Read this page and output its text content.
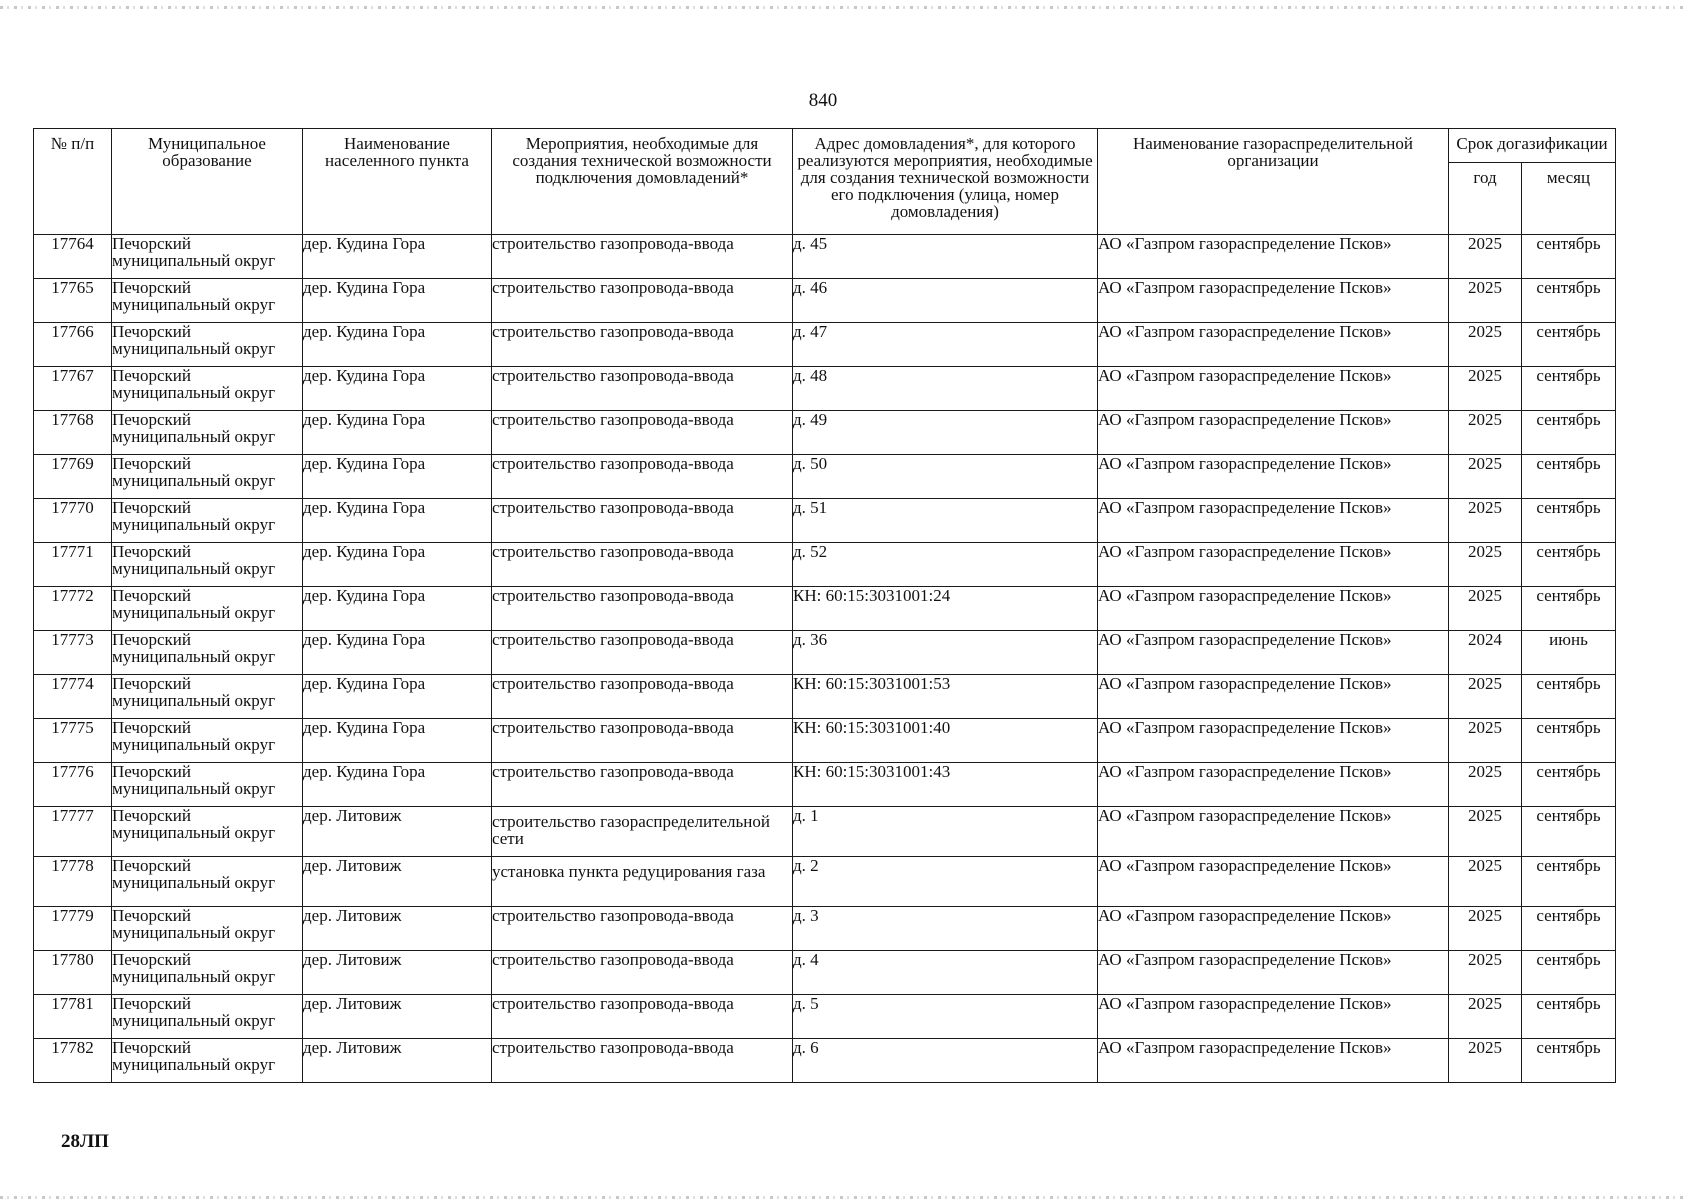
840
№ п/п	Муниципальное образование	Наименование населенного пункта	Мероприятия, необходимые для создания технической возможности подключения домовладений*	Адрес домовладения*, для которого реализуются мероприятия, необходимые для создания технической возможности его подключения (улица, номер домовладения)	Наименование газораспределительной организации	Срок догазификации	
						год	месяц
17764	Печорский муниципальный округ	дер. Кудина Гора	строительство газопровода-ввода	д. 45	АО «Газпром газораспределение Псков»	2025	сентябрь
17765	Печорский муниципальный округ	дер. Кудина Гора	строительство газопровода-ввода	д. 46	АО «Газпром газораспределение Псков»	2025	сентябрь
17766	Печорский муниципальный округ	дер. Кудина Гора	строительство газопровода-ввода	д. 47	АО «Газпром газораспределение Псков»	2025	сентябрь
17767	Печорский муниципальный округ	дер. Кудина Гора	строительство газопровода-ввода	д. 48	АО «Газпром газораспределение Псков»	2025	сентябрь
17768	Печорский муниципальный округ	дер. Кудина Гора	строительство газопровода-ввода	д. 49	АО «Газпром газораспределение Псков»	2025	сентябрь
17769	Печорский муниципальный округ	дер. Кудина Гора	строительство газопровода-ввода	д. 50	АО «Газпром газораспределение Псков»	2025	сентябрь
17770	Печорский муниципальный округ	дер. Кудина Гора	строительство газопровода-ввода	д. 51	АО «Газпром газораспределение Псков»	2025	сентябрь
17771	Печорский муниципальный округ	дер. Кудина Гора	строительство газопровода-ввода	д. 52	АО «Газпром газораспределение Псков»	2025	сентябрь
17772	Печорский муниципальный округ	дер. Кудина Гора	строительство газопровода-ввода	КН: 60:15:3031001:24	АО «Газпром газораспределение Псков»	2025	сентябрь
17773	Печорский муниципальный округ	дер. Кудина Гора	строительство газопровода-ввода	д. 36	АО «Газпром газораспределение Псков»	2024	июнь
17774	Печорский муниципальный округ	дер. Кудина Гора	строительство газопровода-ввода	КН: 60:15:3031001:53	АО «Газпром газораспределение Псков»	2025	сентябрь
17775	Печорский муниципальный округ	дер. Кудина Гора	строительство газопровода-ввода	КН: 60:15:3031001:40	АО «Газпром газораспределение Псков»	2025	сентябрь
17776	Печорский муниципальный округ	дер. Кудина Гора	строительство газопровода-ввода	КН: 60:15:3031001:43	АО «Газпром газораспределение Псков»	2025	сентябрь
17777	Печорский муниципальный округ	дер. Литовиж	строительство газораспределительной сети	д. 1	АО «Газпром газораспределение Псков»	2025	сентябрь
17778	Печорский муниципальный округ	дер. Литовиж	установка пункта редуцирования газа	д. 2	АО «Газпром газораспределение Псков»	2025	сентябрь
17779	Печорский муниципальный округ	дер. Литовиж	строительство газопровода-ввода	д. 3	АО «Газпром газораспределение Псков»	2025	сентябрь
17780	Печорский муниципальный округ	дер. Литовиж	строительство газопровода-ввода	д. 4	АО «Газпром газораспределение Псков»	2025	сентябрь
17781	Печорский муниципальный округ	дер. Литовиж	строительство газопровода-ввода	д. 5	АО «Газпром газораспределение Псков»	2025	сентябрь
17782	Печорский муниципальный округ	дер. Литовиж	строительство газопровода-ввода	д. 6	АО «Газпром газораспределение Псков»	2025	сентябрь
28ЛП
